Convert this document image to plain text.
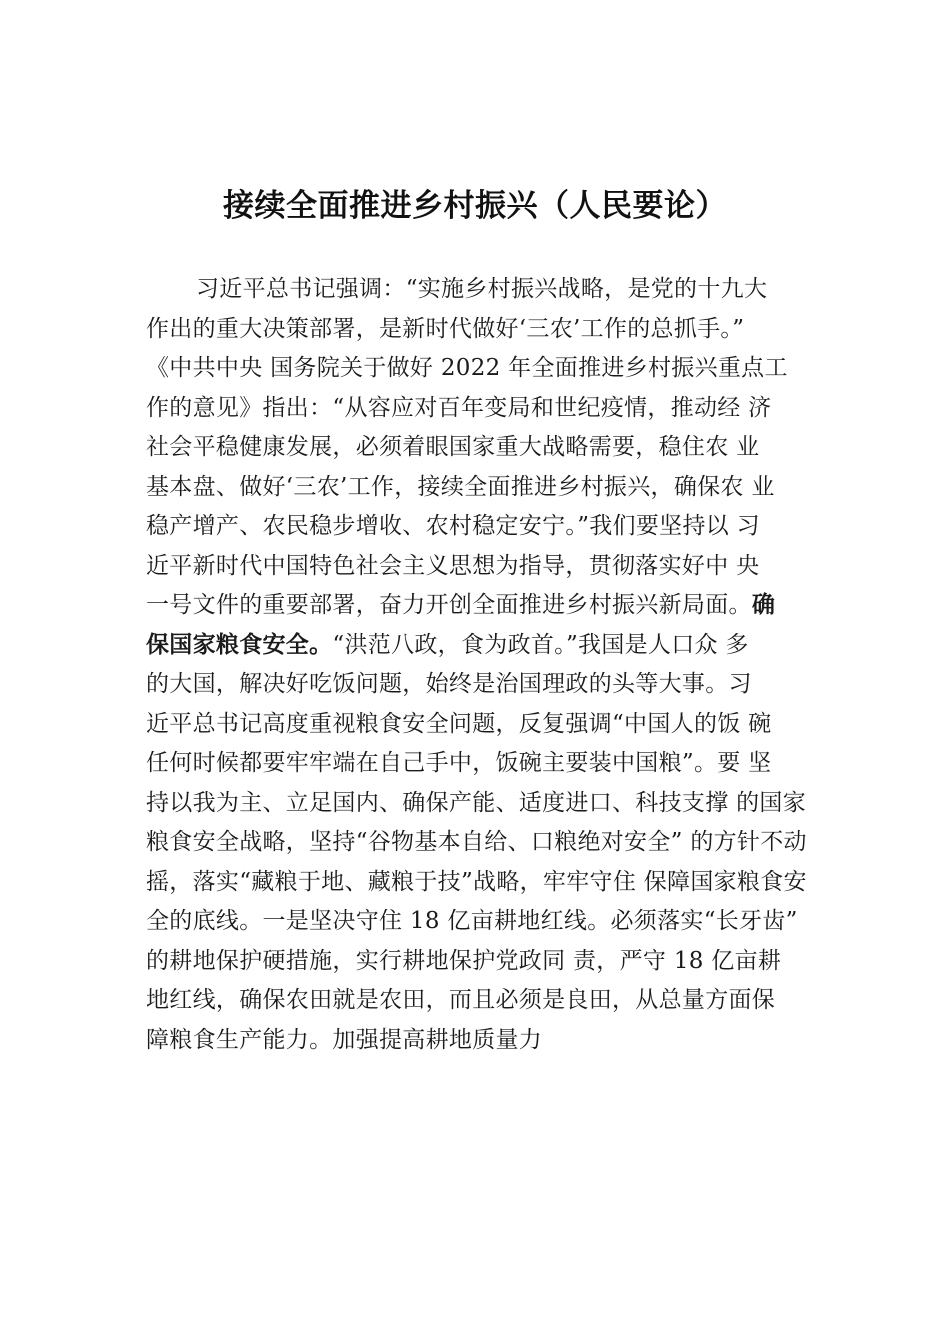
接续全面推进乡村振兴（人民要论）
习近平总书记强调：“实施乡村振兴战略，是党的十九大
作出的重大决策部署，是新时代做好‘三农’工作的总抓手。”
《中共中央 国务院关于做好 2022 年全面推进乡村振兴重点工
作的意见》指出：“从容应对百年变局和世纪疫情，推动经 济
社会平稳健康发展，必须着眼国家重大战略需要，稳住农 业
基本盘、做好‘三农’工作，接续全面推进乡村振兴，确保农 业
稳产增产、农民稳步增收、农村稳定安宁。”我们要坚持以 习
近平新时代中国特色社会主义思想为指导，贯彻落实好中 央
一号文件的重要部署，奋力开创全面推进乡村振兴新局面。确
保国家粮食安全。“洪范八政，食为政首。”我国是人口众 多
的大国，解决好吃饭问题，始终是治国理政的头等大事。习
近平总书记高度重视粮食安全问题，反复强调“中国人的饭 碗
任何时候都要牢牢端在自己手中，饭碗主要装中国粮”。要 坚
持以我为主、立足国内、确保产能、适度进口、科技支撑 的国家
粮食安全战略，坚持“谷物基本自给、口粮绝对安全” 的方针不动
摇，落实“藏粮于地、藏粮于技”战略，牢牢守住 保障国家粮食安
全的底线。一是坚决守住 18 亿亩耕地红线。必须落实“长牙齿”
的耕地保护硬措施，实行耕地保护党政同 责，严守 18 亿亩耕
地红线，确保农田就是农田，而且必须是良田，从总量方面保
障粮食生产能力。加强提高耕地质量力
